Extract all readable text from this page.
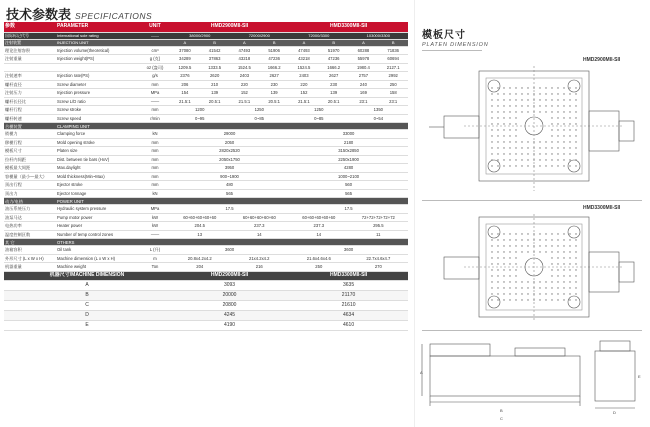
技术参数表 SPECIFICATIONS
参数	PARAMETER	UNIT	HMD2900MII-SII				HMD3300MII-SII			
国际标记代号	International sole rating	——	38000/2900		72000/2900		72000/3300		103000/3300	
注射装置	INJECTION UNIT		A	B	A	B	A	B	A	B
理论注射容积	Injection volume(theoretical)	cm³	37080	41542	47493	51906	47493	51970	60288	71836
注射重量	Injection weight(PS)	g (克)	34289	37863	43218	47236	43218	47236	55978	60694
		oz (盎司)	1209.5	1333.5	1524.5	1666.2	1524.5	1666.2	1980.4	2127.1
注射速率	Injection rate(PS)	g/s	2376	2620	2403	2627	2403	2627	2757	2992
螺杆直径	Screw diameter	mm	206	210	220	230	220	230	240	250
注射压力	Injection pressure	MPa	154	139	152	139	152	139	169	158
螺杆长径比	Screw L/D ratio	——	21.5:1	20.5:1	21.5:1	20.5:1	21.5:1	20.5:1	23:1	23:1
螺杆行程	Screw stroke	mm	1200		1250		1250		1350	
螺杆转速	Screw speed	r/min	0~95		0~85		0~85		0~54	
合模装置	CLAMPING UNIT									
锁模力	Clamping force	kN	29000				33000			
移模行程	Mold opening stroke	mm	2050				2180			
模板尺寸	Platen size	mm	2820x2520				3150x2850			
拉杆内间距	Dist. between tie bars (HxV)	mm	2050x1750				2250x1900			
模板最大间距	Max.daylight	mm	3950				4280			
容模量（最小—最大）	Mold thickness(Min~Max)	mm	900~1900				1000~2100			
顶出行程	Ejector stroke	mm	480				560			
顶出力	Ejector tonnage	kN	565				565			
动力/电热	POWER UNIT									
油压系统压力	Hydraulic system pressure	MPa	17.5				17.5			
油泵马达	Pump motor power	kW	60+60+60+60+60		60+60+60+60+60		60+60+60+60+60		72+72+72+72+72	
电热功率	Heater power	kW	204.5		237.3		237.3		295.5	
温度控制区数	Number of temp control zones	——	13		14		14		11	
其 它	OTHERS									
油箱容积	Oil tank	L (升)	3600				3600			
外形尺寸 (L x W x H)	Machine dimension (L x W x H)	m	20.8x4.2x4.2		21x4.2x4.2		21.6x4.6x4.6		22.7x4.6x4.7	
机器重量	Machine weight	Ton	204		216		250		270	
机器尺寸/MACHINE DIMENSION			HMD2900MII-SII				HMD3300MII-SII			
A			3093				3635			
B			20000				21170			
C			20800				21610			
D			4245				4634			
E			4190				4610			
模板尺寸
PLATEN DIMENSION
HMD2900MII-SII
HMD3300MII-SII
A
B
C
D
E
